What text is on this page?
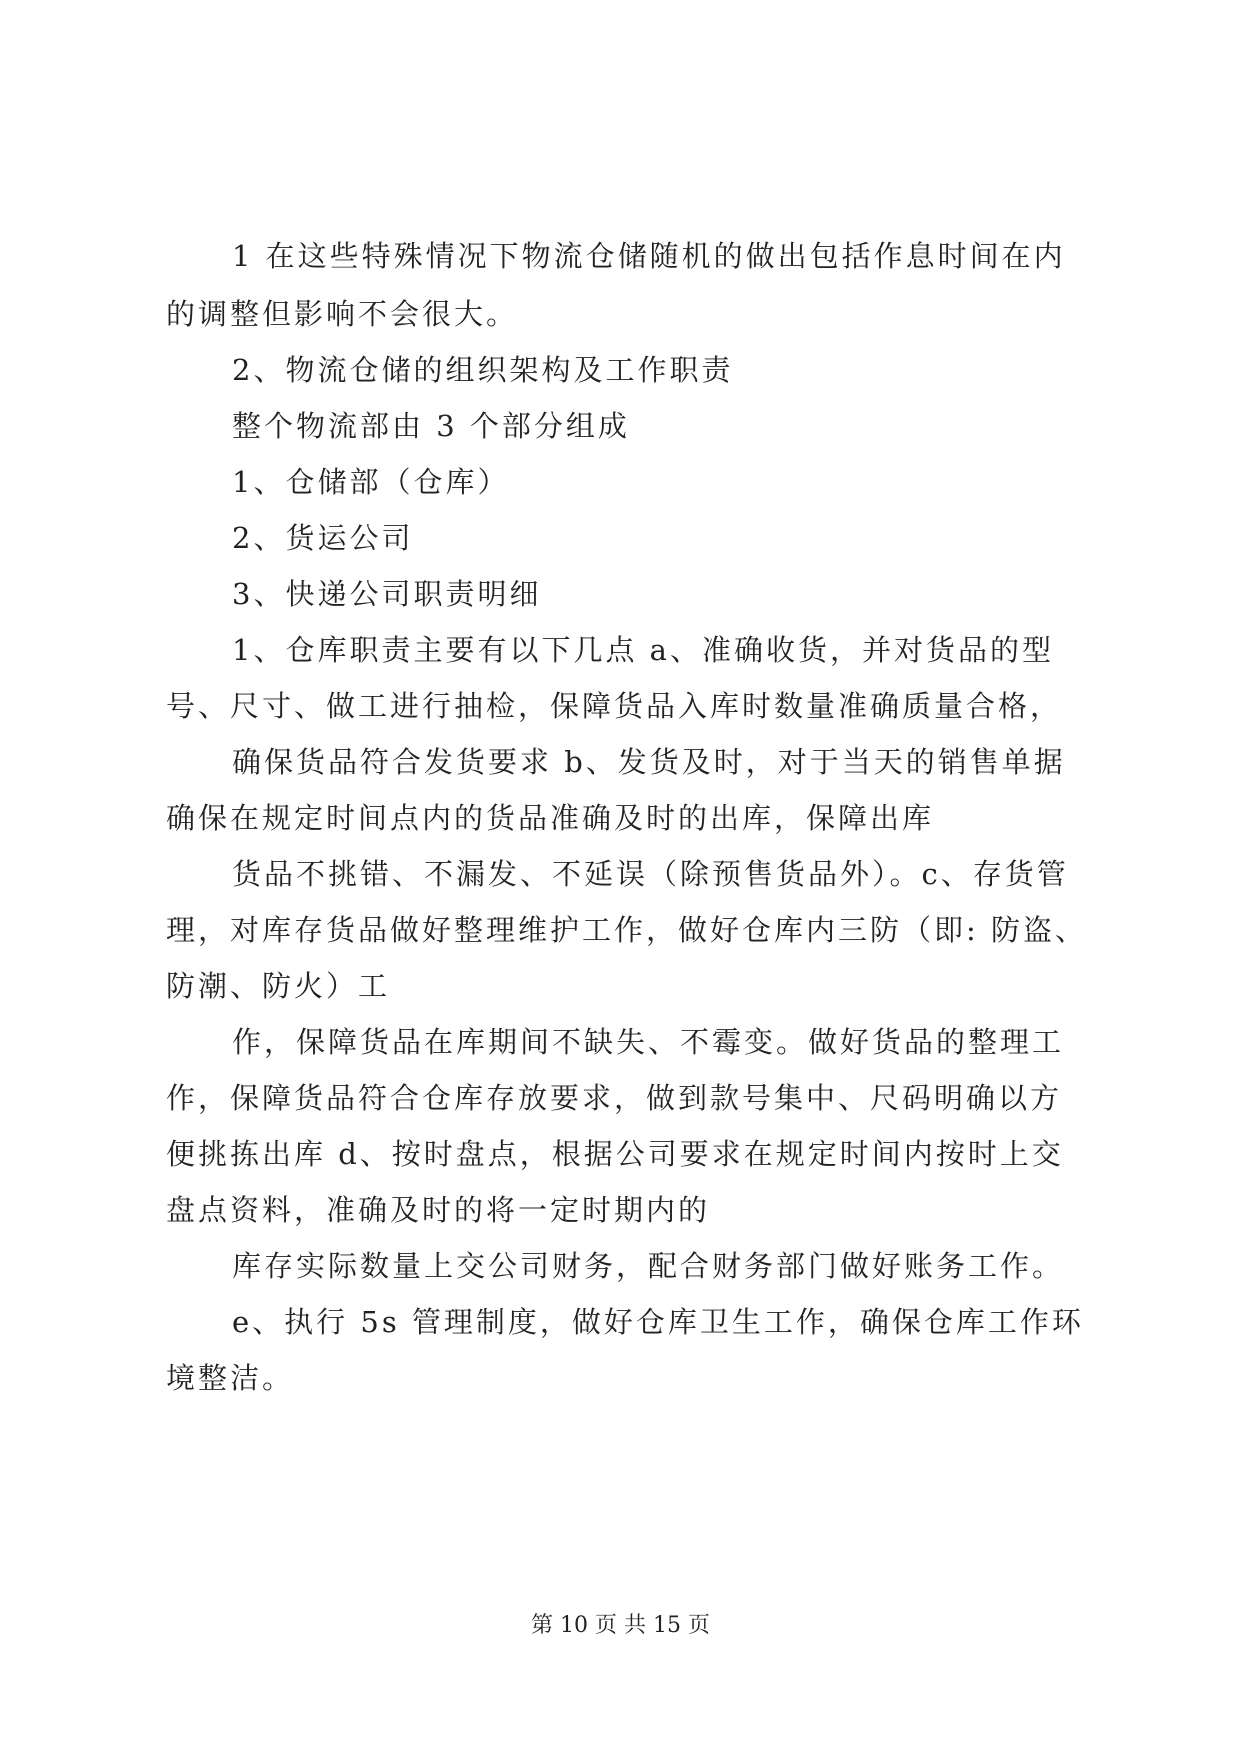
1 在这些特殊情况下物流仓储随机的做出包括作息时间在内
的调整但影响不会很大。
2、物流仓储的组织架构及工作职责
整个物流部由 3 个部分组成
1、仓储部（仓库）
2、货运公司
3、快递公司职责明细
1、仓库职责主要有以下几点 a、准确收货，并对货品的型
号、尺寸、做工进行抽检，保障货品入库时数量准确质量合格，
确保货品符合发货要求 b、发货及时，对于当天的销售单据
确保在规定时间点内的货品准确及时的出库，保障出库
货品不挑错、不漏发、不延误（除预售货品外）。c、存货管
理，对库存货品做好整理维护工作，做好仓库内三防（即: 防盗、
防潮、防火）工
作，保障货品在库期间不缺失、不霉变。做好货品的整理工
作，保障货品符合仓库存放要求，做到款号集中、尺码明确以方
便挑拣出库 d、按时盘点，根据公司要求在规定时间内按时上交
盘点资料，准确及时的将一定时期内的
库存实际数量上交公司财务，配合财务部门做好账务工作。
e、执行 5s 管理制度，做好仓库卫生工作，确保仓库工作环
境整洁。
第 10 页 共 15 页
